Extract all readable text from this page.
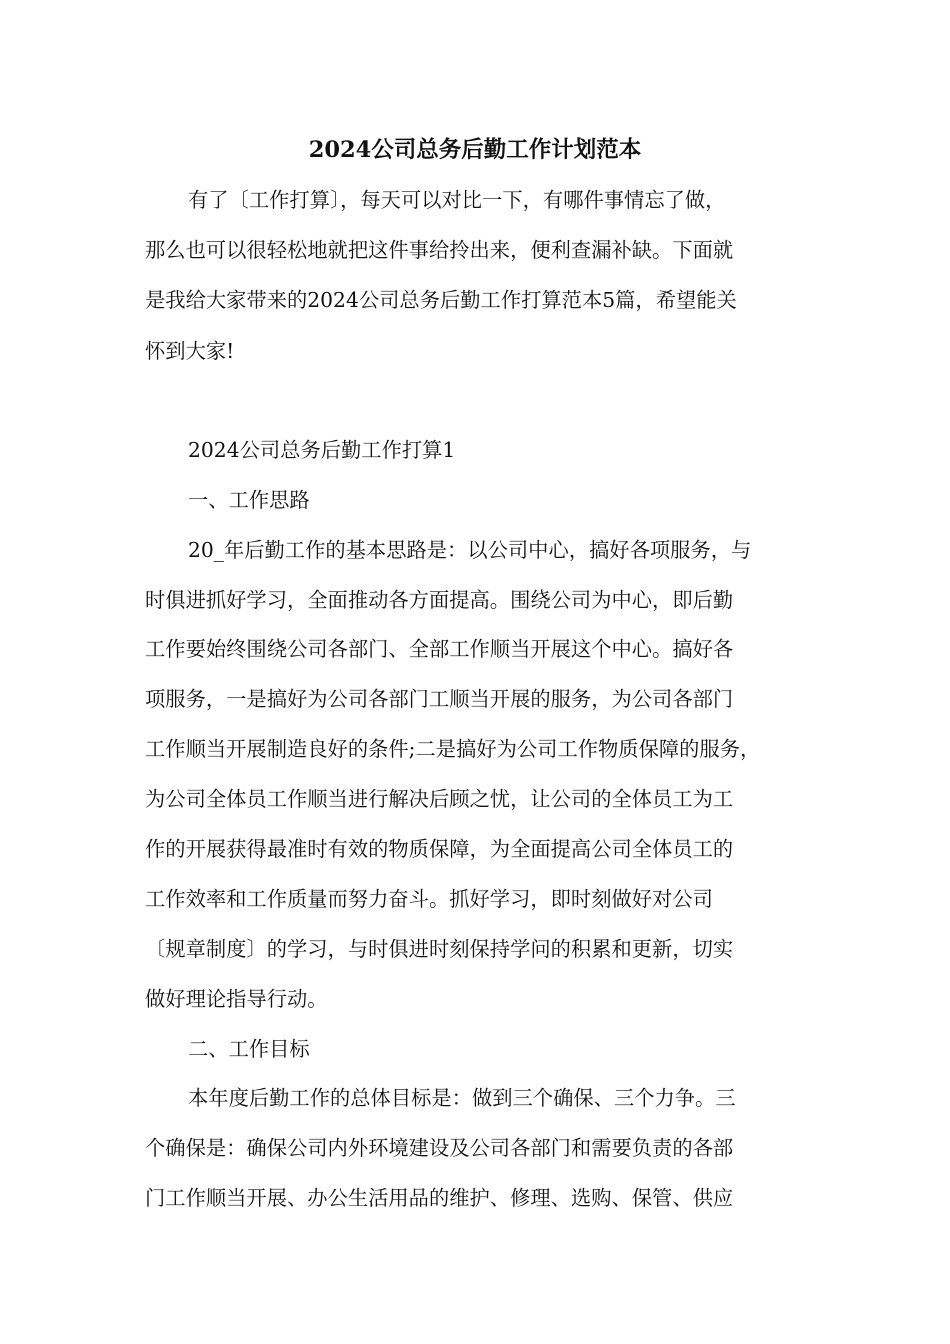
2024公司总务后勤工作计划范本
有了〔工作打算〕，每天可以对比一下，有哪件事情忘了做，
那么也可以很轻松地就把这件事给拎出来，便利查漏补缺。下面就
是我给大家带来的2024公司总务后勤工作打算范本5篇，希望能关
怀到大家!
2024公司总务后勤工作打算1
一、工作思路
20_年后勤工作的基本思路是：以公司中心，搞好各项服务，与
时俱进抓好学习，全面推动各方面提高。围绕公司为中心，即后勤
工作要始终围绕公司各部门、全部工作顺当开展这个中心。搞好各
项服务，一是搞好为公司各部门工顺当开展的服务，为公司各部门
工作顺当开展制造良好的条件;二是搞好为公司工作物质保障的服务，
为公司全体员工作顺当进行解决后顾之忧，让公司的全体员工为工
作的开展获得最准时有效的物质保障，为全面提高公司全体员工的
工作效率和工作质量而努力奋斗。抓好学习，即时刻做好对公司
〔规章制度〕的学习，与时俱进时刻保持学问的积累和更新，切实
做好理论指导行动。
二、工作目标
本年度后勤工作的总体目标是：做到三个确保、三个力争。三
个确保是：确保公司内外环境建设及公司各部门和需要负责的各部
门工作顺当开展、办公生活用品的维护、修理、选购、保管、供应
